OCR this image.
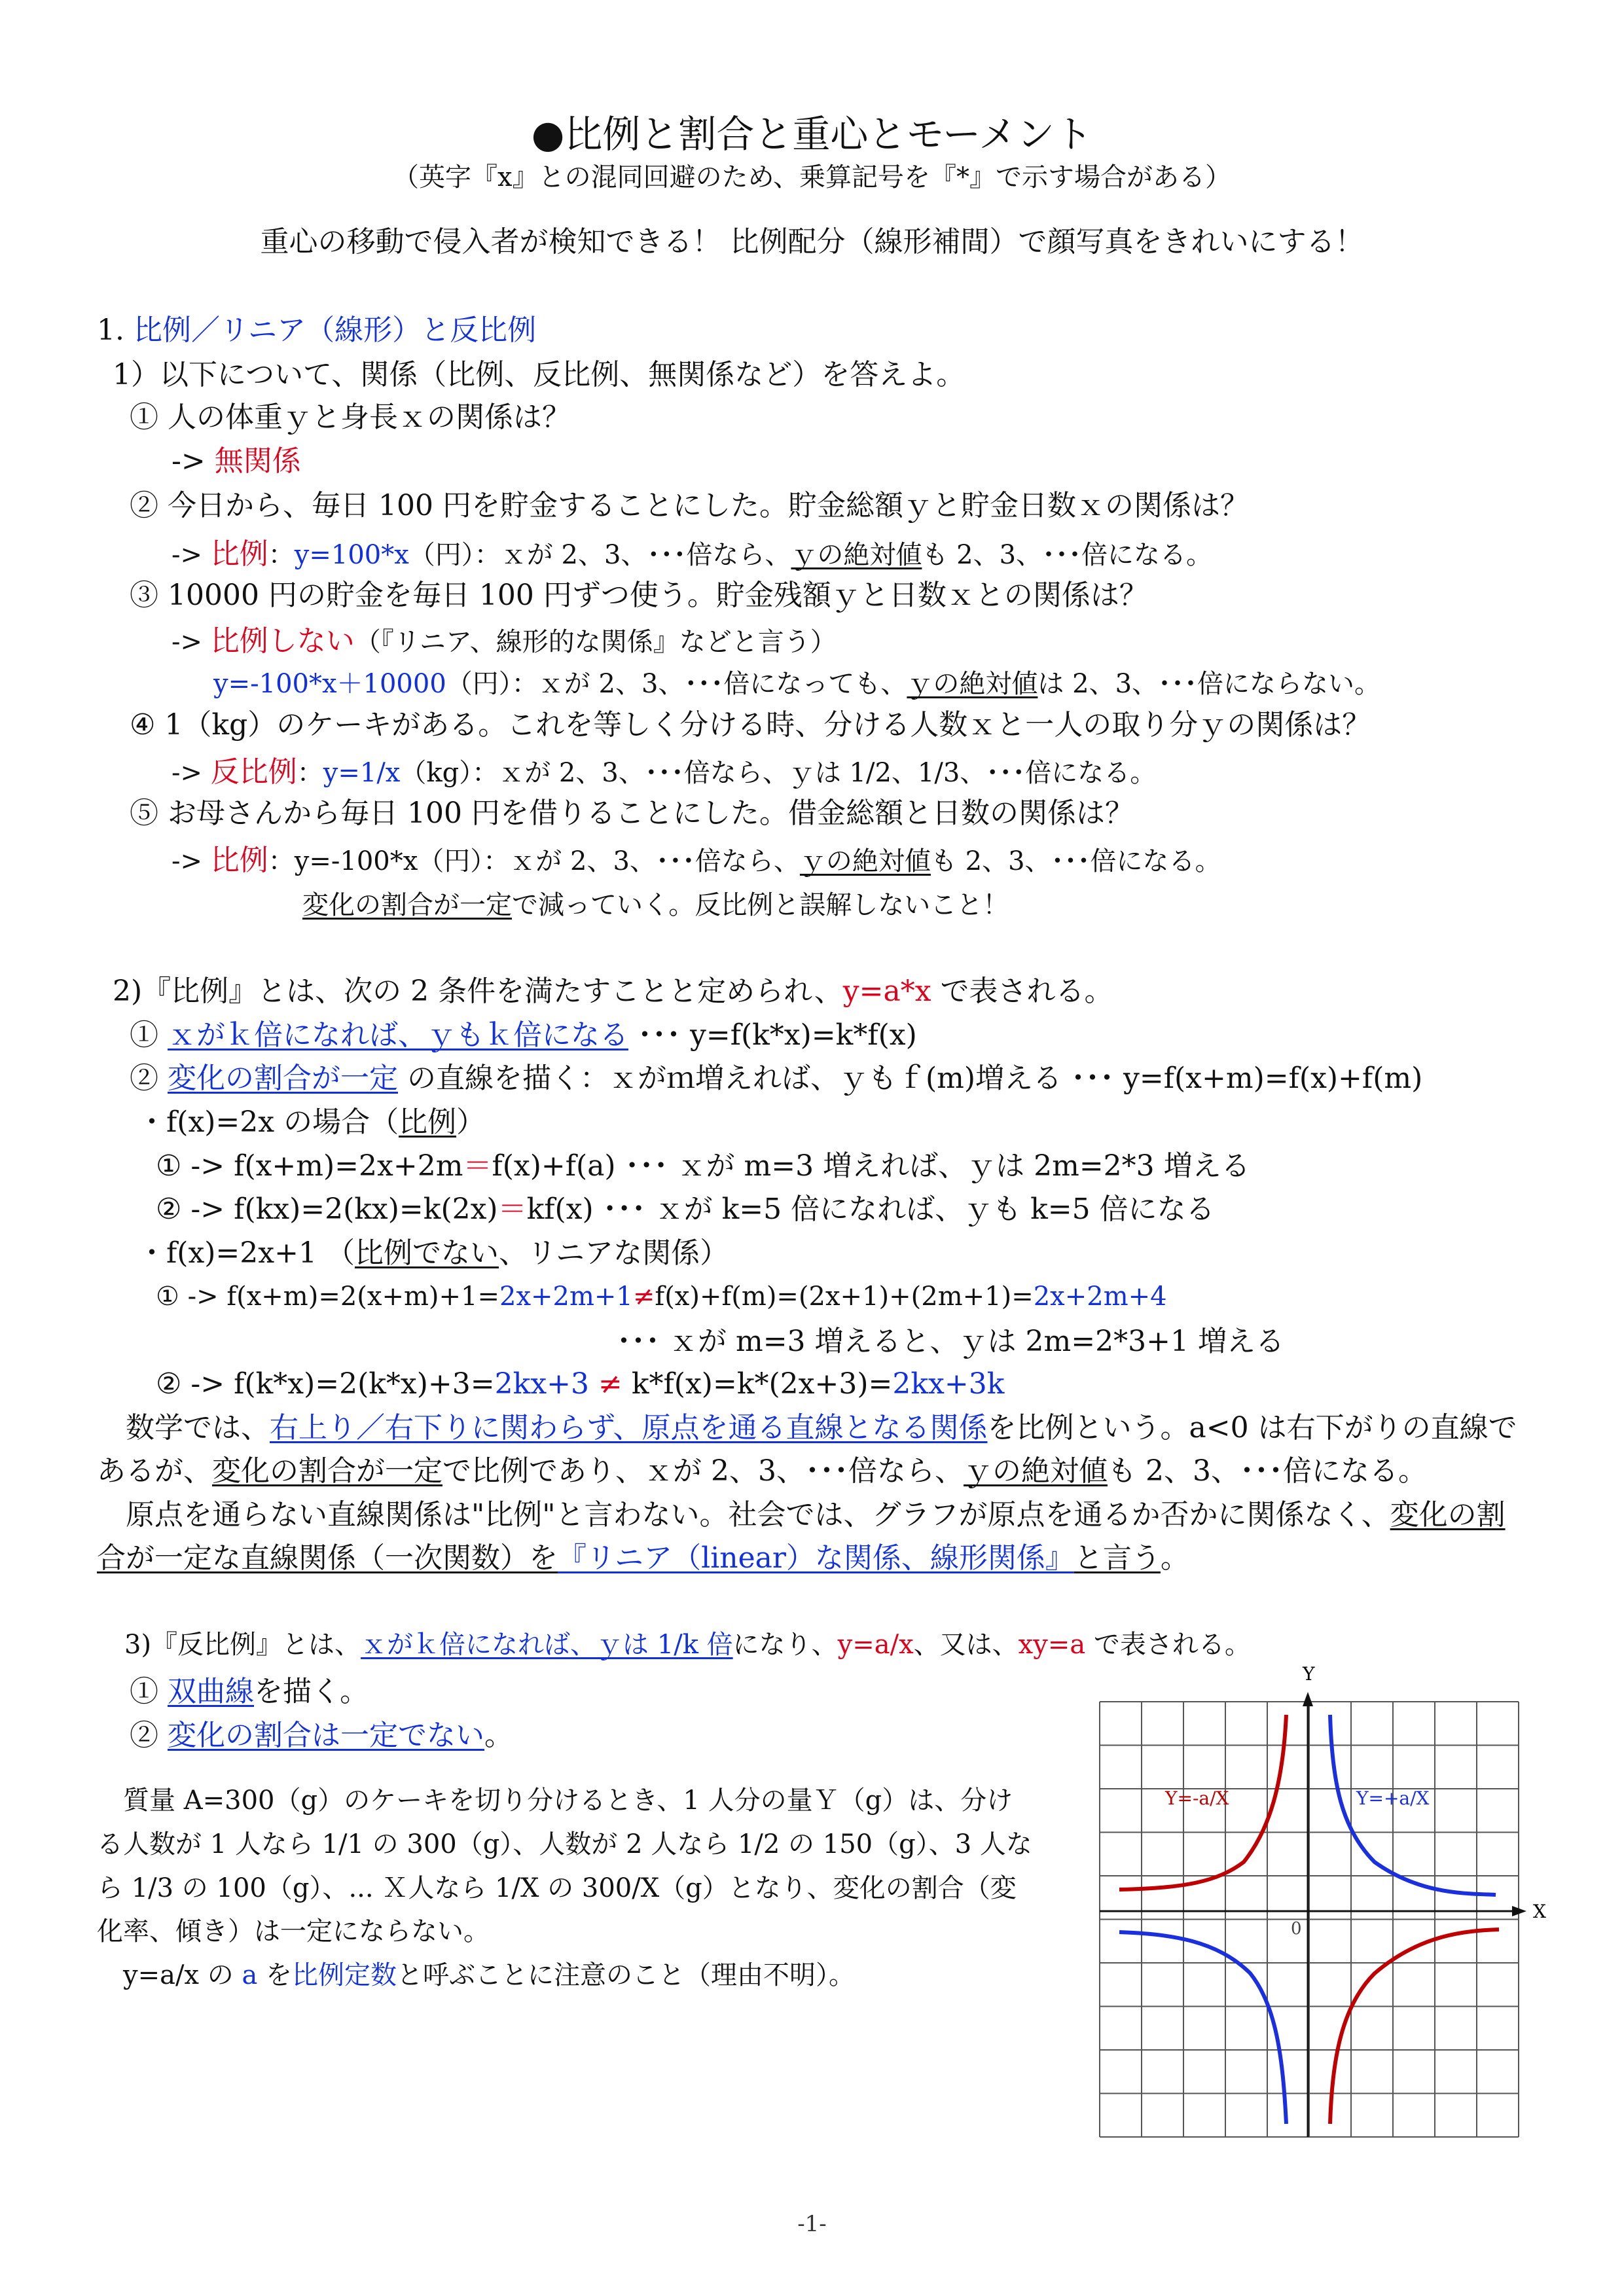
●比例と割合と重心とモーメント
（英字『x』との混同回避のため、乗算記号を『*』で示す場合がある）
重心の移動で侵入者が検知できる！ 比例配分（線形補間）で顔写真をきれいにする！
1. 比例／リニア（線形）と反比例
1）以下について、関係（比例、反比例、無関係など）を答えよ。
① 人の体重ｙと身長ｘの関係は？
-> 無関係
② 今日から、毎日 100 円を貯金することにした。貯金総額ｙと貯金日数ｘの関係は？
-> 比例：y=100*x（円）：ｘが 2、3、･･･倍なら、ｙの絶対値も 2、3、･･･倍になる。
③ 10000 円の貯金を毎日 100 円ずつ使う。貯金残額ｙと日数ｘとの関係は？
-> 比例しない（『リニア、線形的な関係』などと言う）
y=-100*x＋10000（円）：ｘが 2、3、･･･倍になっても、ｙの絶対値は 2、3、･･･倍にならない。
④ 1（kg）のケーキがある。これを等しく分ける時、分ける人数ｘと一人の取り分ｙの関係は？
-> 反比例：y=1/x（kg）：ｘが 2、3、･･･倍なら、ｙは 1/2、1/3、･･･倍になる。
⑤ お母さんから毎日 100 円を借りることにした。借金総額と日数の関係は？
-> 比例：y=-100*x（円）：ｘが 2、3、･･･倍なら、ｙの絶対値も 2、3、･･･倍になる。
変化の割合が一定で減っていく。反比例と誤解しないこと！
2)『比例』とは、次の 2 条件を満たすことと定められ、y=a*x で表される。
① ｘがｋ倍になれば、ｙもｋ倍になる ･･･ y=f(k*x)=k*f(x)
② 変化の割合が一定 の直線を描く：ｘがｍ増えれば、ｙもｆ(m)増える ･･･ y=f(x+m)=f(x)+f(m)
・f(x)=2x の場合（比例）
① -> f(x+m)=2x+2m＝f(x)+f(a) ･･･ ｘが m=3 増えれば、ｙは 2m=2*3 増える
② -> f(kx)=2(kx)=k(2x)＝kf(x) ･･･ ｘが k=5 倍になれば、ｙも k=5 倍になる
・f(x)=2x+1 （比例でない、リニアな関係）
① -> f(x+m)=2(x+m)+1=2x+2m+1≠f(x)+f(m)=(2x+1)+(2m+1)=2x+2m+4
･･･ ｘが m=3 増えると、ｙは 2m=2*3+1 増える
② -> f(k*x)=2(k*x)+3=2kx+3 ≠ k*f(x)=k*(2x+3)=2kx+3k
　数学では、右上り／右下りに関わらず、原点を通る直線となる関係を比例という。a<0 は右下がりの直線で
あるが、変化の割合が一定で比例であり、ｘが 2、3、･･･倍なら、ｙの絶対値も 2、3、･･･倍になる。
　原点を通らない直線関係は"比例"と言わない。社会では、グラフが原点を通るか否かに関係なく、変化の割
合が一定な直線関係（一次関数）を『リニア（linear）な関係、線形関係』と言う。
3)『反比例』とは、ｘがｋ倍になれば、ｙは 1/k 倍になり、y=a/x、又は、xy=a で表される。
① 双曲線を描く。
② 変化の割合は一定でない。
　質量 A=300（g）のケーキを切り分けるとき、1 人分の量Ｙ（g）は、分け
る人数が 1 人なら 1/1 の 300（g）、人数が 2 人なら 1/2 の 150（g）、3 人な
ら 1/3 の 100（g）、... Ｘ人なら 1/X の 300/X（g）となり、変化の割合（変
化率、傾き）は一定にならない。
　y=a/x の a を比例定数と呼ぶことに注意のこと（理由不明）。
Y
X
0
Y=-a/X	Y=+a/X
-1-
